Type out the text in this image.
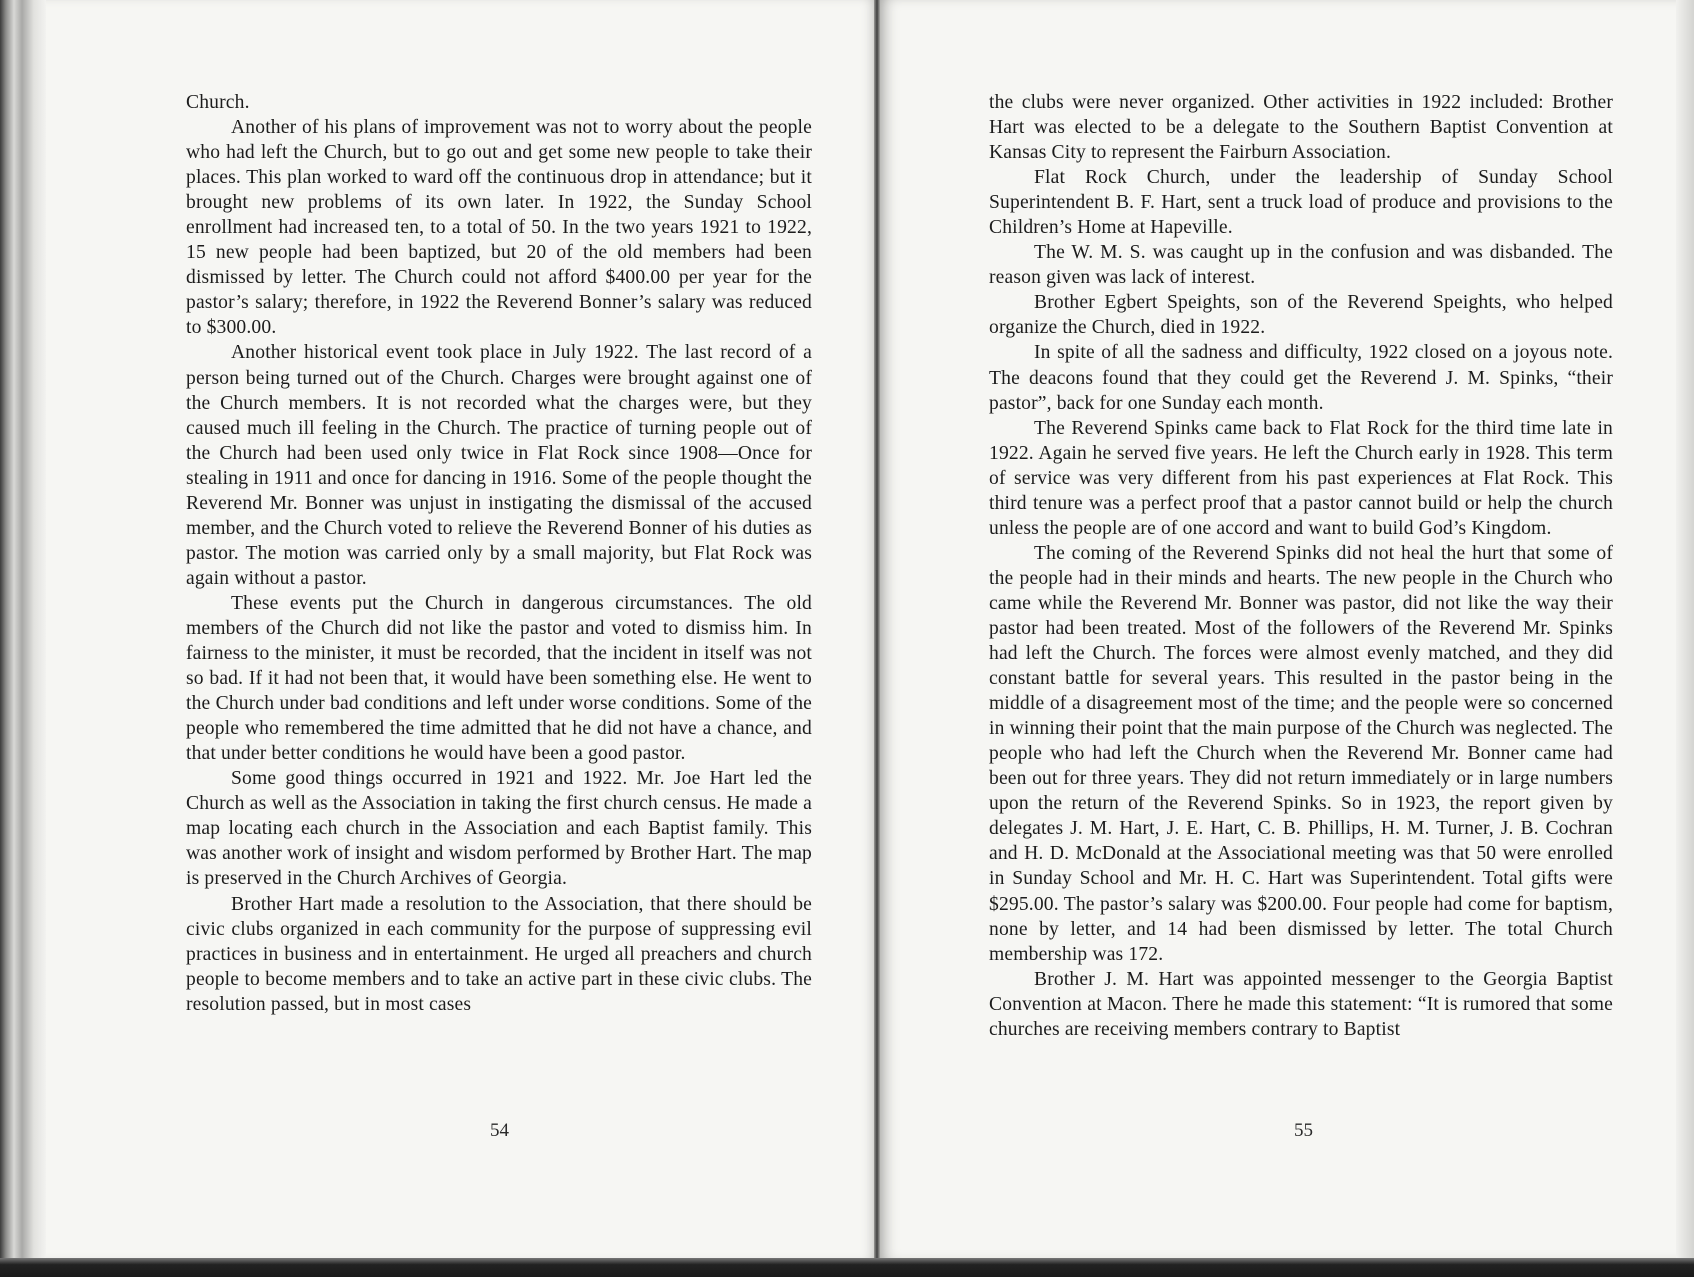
Church.

Another of his plans of improvement was not to worry about the people who had left the Church, but to go out and get some new people to take their places. This plan worked to ward off the continuous drop in attendance; but it brought new problems of its own later. In 1922, the Sunday School enrollment had increased ten, to a total of 50. In the two years 1921 to 1922, 15 new people had been baptized, but 20 of the old members had been dismissed by letter. The Church could not afford $400.00 per year for the pastor’s salary; therefore, in 1922 the Reverend Bonner’s salary was reduced to $300.00.

Another historical event took place in July 1922. The last record of a person being turned out of the Church. Charges were brought against one of the Church members. It is not recorded what the charges were, but they caused much ill feeling in the Church. The practice of turning people out of the Church had been used only twice in Flat Rock since 1908—Once for stealing in 1911 and once for dancing in 1916. Some of the people thought the Reverend Mr. Bonner was unjust in instigating the dismissal of the accused member, and the Church voted to relieve the Reverend Bonner of his duties as pastor. The motion was carried only by a small majority, but Flat Rock was again without a pastor.

These events put the Church in dangerous circumstances. The old members of the Church did not like the pastor and voted to dismiss him. In fairness to the minister, it must be recorded, that the incident in itself was not so bad. If it had not been that, it would have been something else. He went to the Church under bad conditions and left under worse conditions. Some of the people who remembered the time admitted that he did not have a chance, and that under better conditions he would have been a good pastor.

Some good things occurred in 1921 and 1922. Mr. Joe Hart led the Church as well as the Association in taking the first church census. He made a map locating each church in the Association and each Baptist family. This was another work of insight and wisdom performed by Brother Hart. The map is preserved in the Church Archives of Georgia.

Brother Hart made a resolution to the Association, that there should be civic clubs organized in each community for the purpose of suppressing evil practices in business and in entertainment. He urged all preachers and church people to become members and to take an active part in these civic clubs. The resolution passed, but in most cases

54

the clubs were never organized. Other activities in 1922 included: Brother Hart was elected to be a delegate to the Southern Baptist Convention at Kansas City to represent the Fairburn Association.

Flat Rock Church, under the leadership of Sunday School Superintendent B. F. Hart, sent a truck load of produce and provisions to the Children’s Home at Hapeville.

The W. M. S. was caught up in the confusion and was disbanded. The reason given was lack of interest.

Brother Egbert Speights, son of the Reverend Speights, who helped organize the Church, died in 1922.

In spite of all the sadness and difficulty, 1922 closed on a joyous note. The deacons found that they could get the Reverend J. M. Spinks, “their pastor”, back for one Sunday each month.

The Reverend Spinks came back to Flat Rock for the third time late in 1922. Again he served five years. He left the Church early in 1928. This term of service was very different from his past experiences at Flat Rock. This third tenure was a perfect proof that a pastor cannot build or help the church unless the people are of one accord and want to build God’s Kingdom.

The coming of the Reverend Spinks did not heal the hurt that some of the people had in their minds and hearts. The new people in the Church who came while the Reverend Mr. Bonner was pastor, did not like the way their pastor had been treated. Most of the followers of the Reverend Mr. Spinks had left the Church. The forces were almost evenly matched, and they did constant battle for several years. This resulted in the pastor being in the middle of a disagreement most of the time; and the people were so concerned in winning their point that the main purpose of the Church was neglected. The people who had left the Church when the Reverend Mr. Bonner came had been out for three years. They did not return immediately or in large numbers upon the return of the Reverend Spinks. So in 1923, the report given by delegates J. M. Hart, J. E. Hart, C. B. Phillips, H. M. Turner, J. B. Cochran and H. D. McDonald at the Associational meeting was that 50 were enrolled in Sunday School and Mr. H. C. Hart was Superintendent. Total gifts were $295.00. The pastor’s salary was $200.00. Four people had come for baptism, none by letter, and 14 had been dismissed by letter. The total Church membership was 172.

Brother J. M. Hart was appointed messenger to the Georgia Baptist Convention at Macon. There he made this statement: “It is rumored that some churches are receiving members contrary to Baptist

55
